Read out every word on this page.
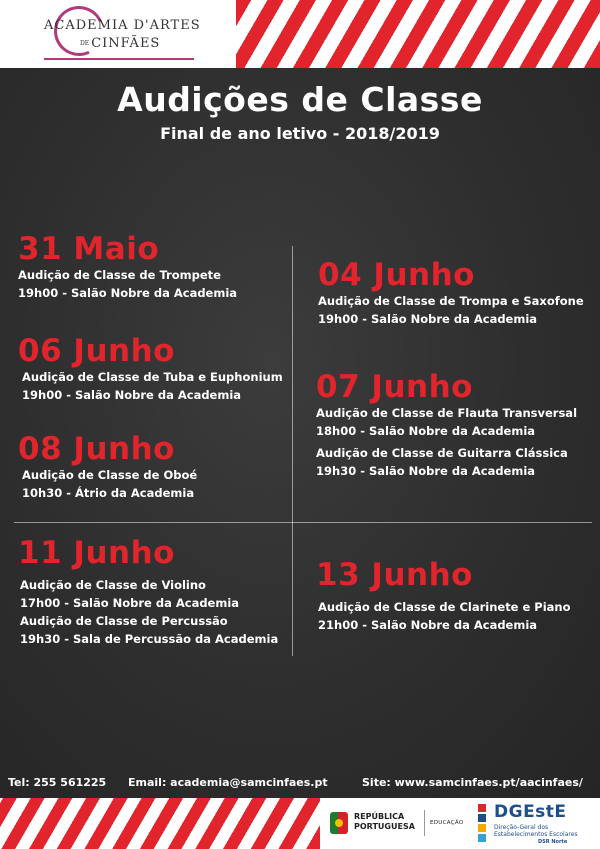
ACADEMIA D'ARTES
DE CINFÃES
Audições de Classe
Final de ano letivo - 2018/2019
31 Maio
Audição de Classe de Trompete
19h00 - Salão Nobre da Academia	04 Junho
Audição de Classe de Trompa e Saxofone
19h00 - Salão Nobre da Academia
06 Junho
Audição de Classe de Tuba e Euphonium
19h00 - Salão Nobre da Academia	07 Junho
Audição de Classe de Flauta Transversal
18h00 - Salão Nobre da Academia
Audição de Classe de Guitarra Clássica
19h30 - Salão Nobre da Academia
08 Junho
Audição de Classe de Oboé
10h30 - Átrio da Academia
11 Junho
Audição de Classe de Violino
17h00 - Salão Nobre da Academia
Audição de Classe de Percussão
19h30 - Sala de Percussão da Academia
13 Junho
Audição de Classe de Clarinete e Piano
21h00 - Salão Nobre da Academia
Tel: 255 561225 Email: academia@samcinfaes.pt	Site: www.samcinfaes.pt/aacinfaes/
REPÚBLICA
PORTUGUESA	EDUCAÇÃO
DGEstE
Direção-Geral dos
Estabelecimentos Escolares
DSR Norte
